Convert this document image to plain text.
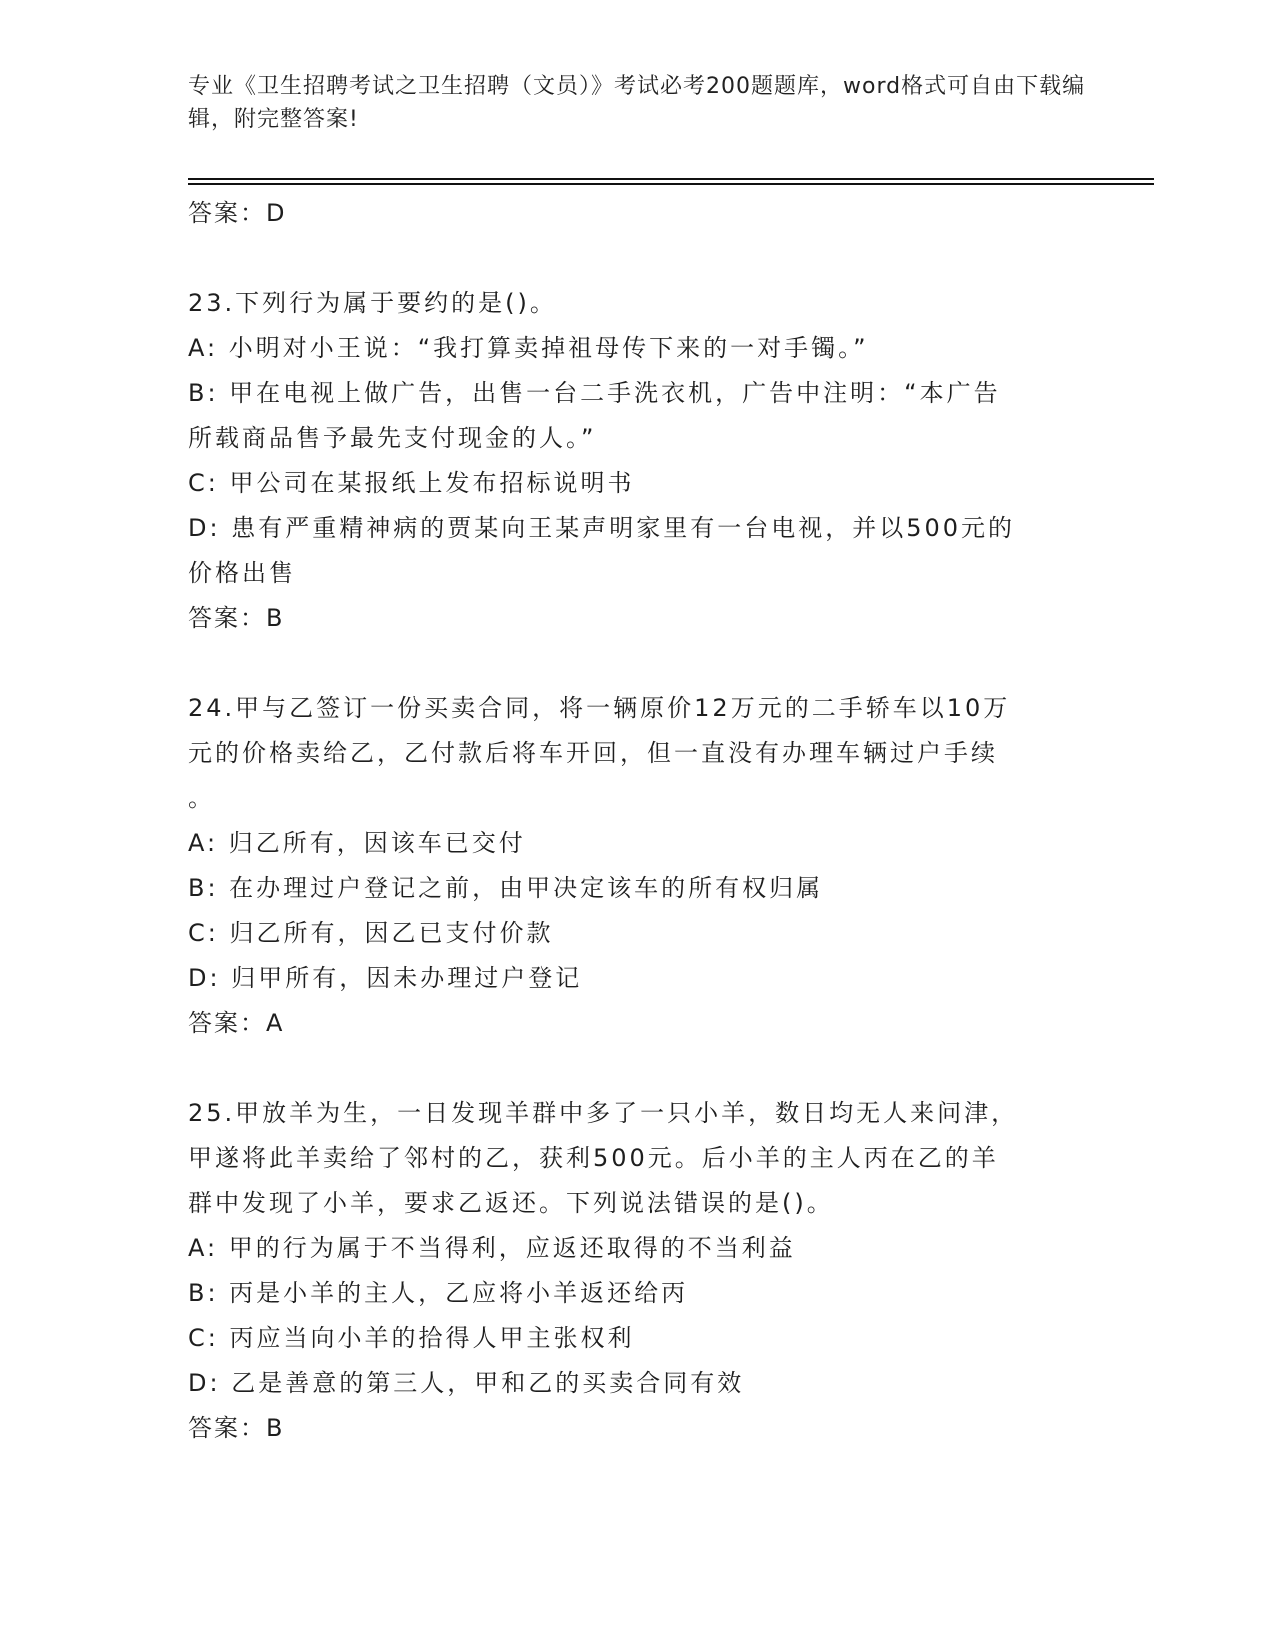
专业《卫生招聘考试之卫生招聘（文员）》考试必考200题题库，word格式可自由下载编辑，附完整答案!
答案：D
23.下列行为属于要约的是()。
A: 小明对小王说：“我打算卖掉祖母传下来的一对手镯。”
B: 甲在电视上做广告，出售一台二手洗衣机，广告中注明：“本广告
所载商品售予最先支付现金的人。”
C: 甲公司在某报纸上发布招标说明书
D: 患有严重精神病的贾某向王某声明家里有一台电视，并以500元的
价格出售
答案：B
24.甲与乙签订一份买卖合同，将一辆原价12万元的二手轿车以10万
元的价格卖给乙，乙付款后将车开回，但一直没有办理车辆过户手续
。
A: 归乙所有，因该车已交付
B: 在办理过户登记之前，由甲决定该车的所有权归属
C: 归乙所有，因乙已支付价款
D: 归甲所有，因未办理过户登记
答案：A
25.甲放羊为生，一日发现羊群中多了一只小羊，数日均无人来问津，
甲遂将此羊卖给了邻村的乙，获利500元。后小羊的主人丙在乙的羊
群中发现了小羊，要求乙返还。下列说法错误的是()。
A: 甲的行为属于不当得利，应返还取得的不当利益
B: 丙是小羊的主人，乙应将小羊返还给丙
C: 丙应当向小羊的拾得人甲主张权利
D: 乙是善意的第三人，甲和乙的买卖合同有效
答案：B
